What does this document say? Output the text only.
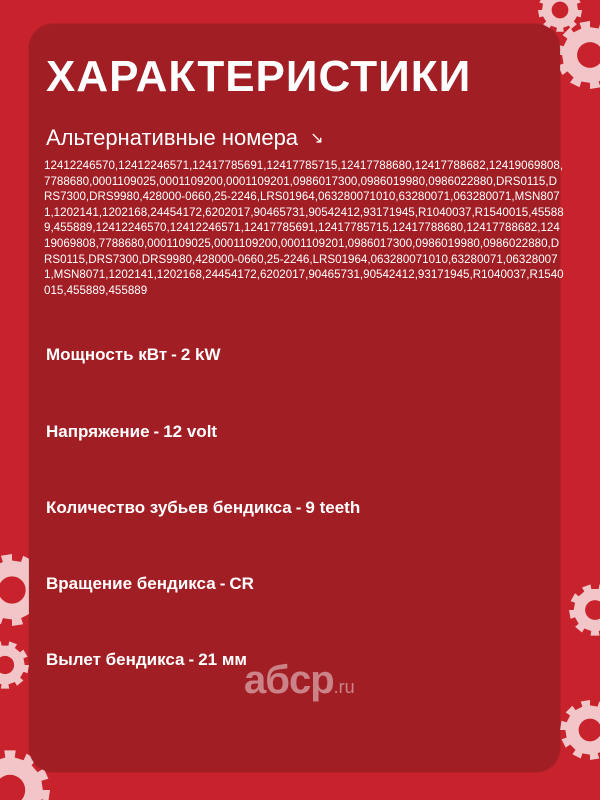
ХАРАКТЕРИСТИКИ
Альтернативные номера ↘
12412246570,12412246571,12417785691,12417785715,12417788680,12417788682,12419069808,7788680,0001109025,0001109200,0001109201,0986017300,0986019980,0986022880,DRS0115,DRS7300,DRS9980,428000-0660,25-2246,LRS01964,063280071010,63280071,063280071,MSN8071,1202141,1202168,24454172,6202017,90465731,90542412,93171945,R1040037,R1540015,455889,455889,12412246570,12412246571,12417785691,12417785715,12417788680,12417788682,12419069808,7788680,0001109025,0001109200,0001109201,0986017300,0986019980,0986022880,DRS0115,DRS7300,DRS9980,428000-0660,25-2246,LRS01964,063280071010,63280071,063280071,MSN8071,1202141,1202168,24454172,6202017,90465731,90542412,93171945,R1040037,R1540015,455889,455889
Мощность кВт - 2 kW
Напряжение - 12 volt
Количество зубьев бендикса - 9 teeth
Вращение бендикса - CR
Вылет бендикса - 21 мм
aбcp.ru
